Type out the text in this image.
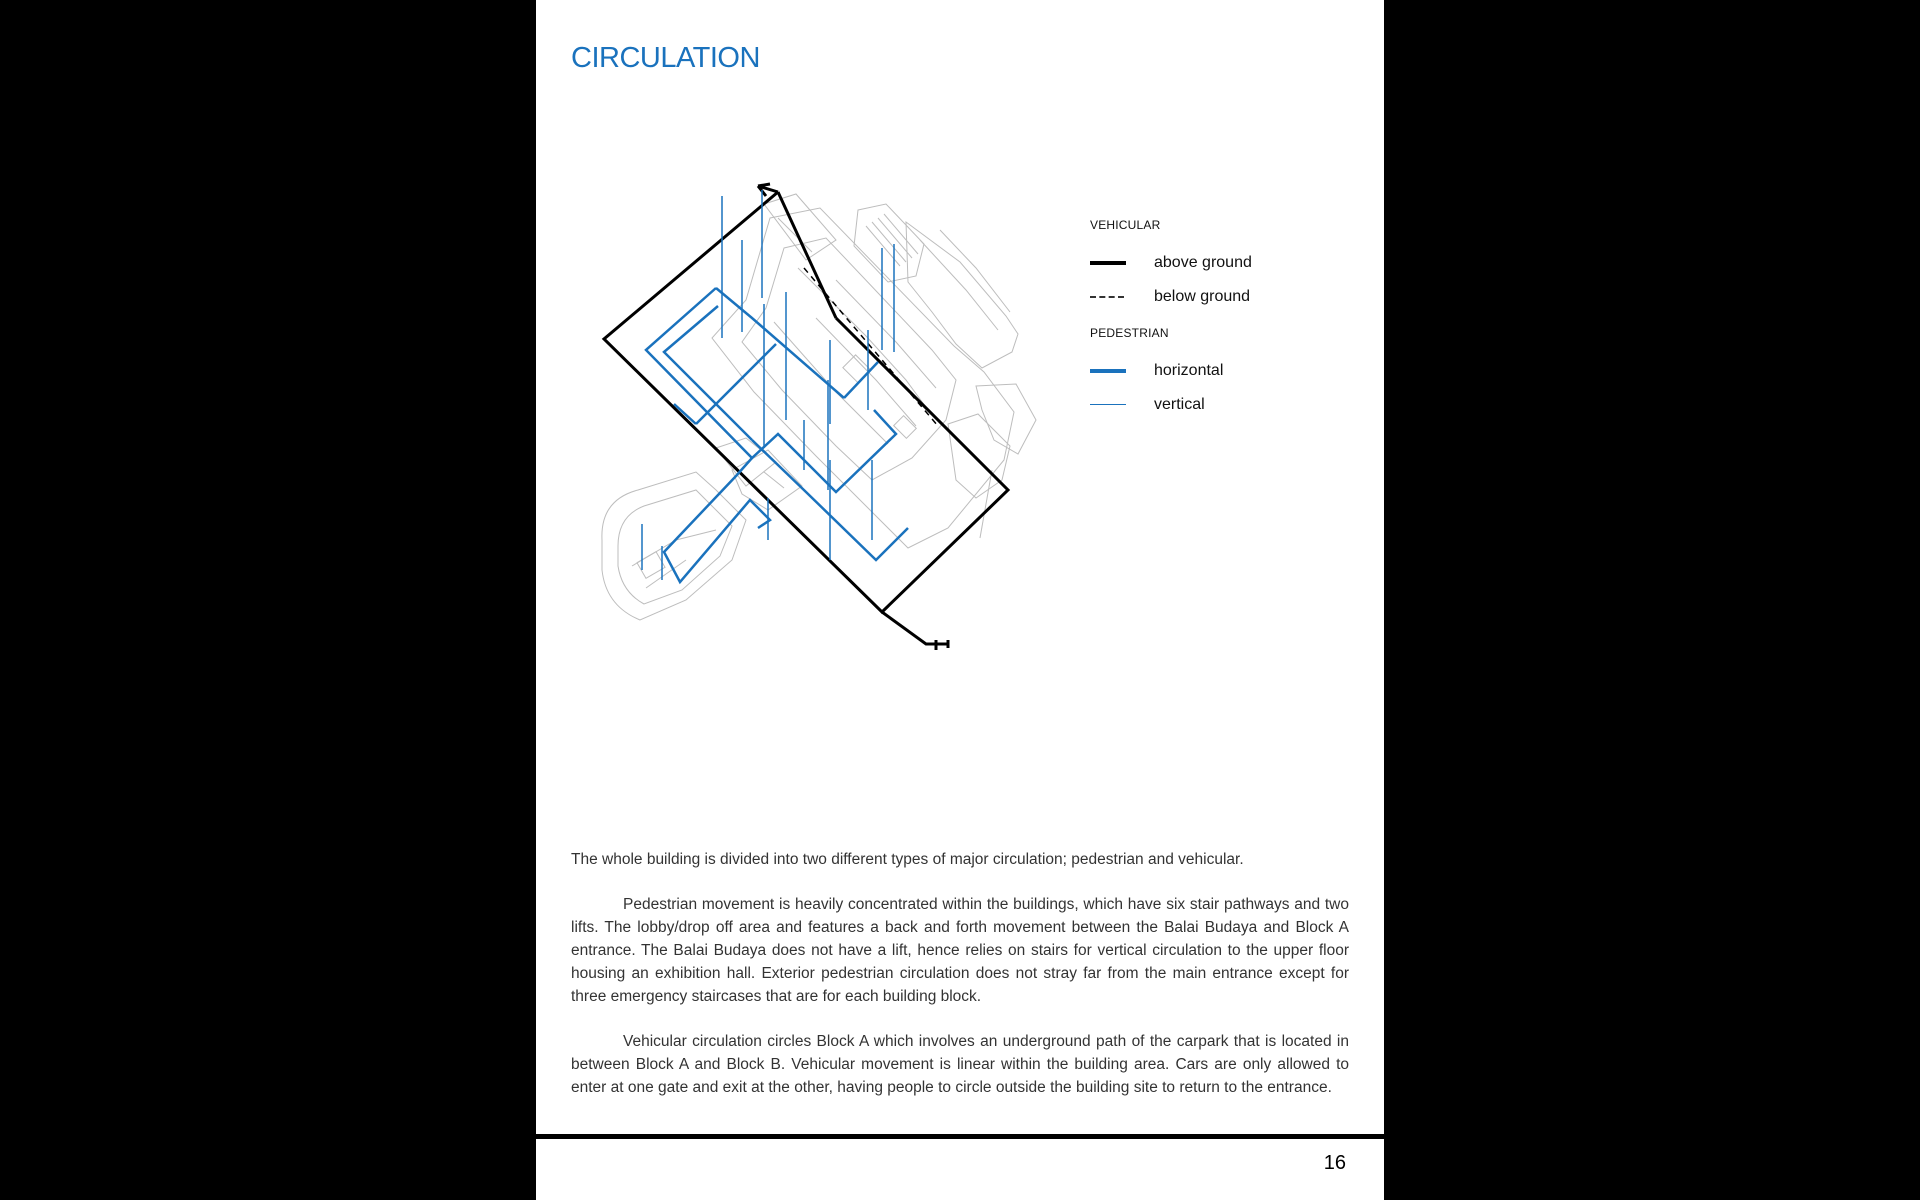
CIRCULATION
VEHICULAR
above ground
below ground
PEDESTRIAN
horizontal
vertical

The whole building is divided into two different types of major circulation; pedestrian and vehicular.

Pedestrian movement is heavily concentrated within the buildings, which have six stair pathways and two lifts. The lobby/drop off area and features a back and forth movement between the Balai Budaya and Block A entrance. The Balai Budaya does not have a lift, hence relies on stairs for vertical circulation to the upper floor housing an exhibition hall. Exterior pedestrian circulation does not stray far from the main entrance except for three emergency staircases that are for each building block.

Vehicular circulation circles Block A which involves an underground path of the carpark that is located in between Block A and Block B. Vehicular movement is linear within the building area. Cars are only allowed to enter at one gate and exit at the other, having people to circle outside the building site to return to the entrance.

16
